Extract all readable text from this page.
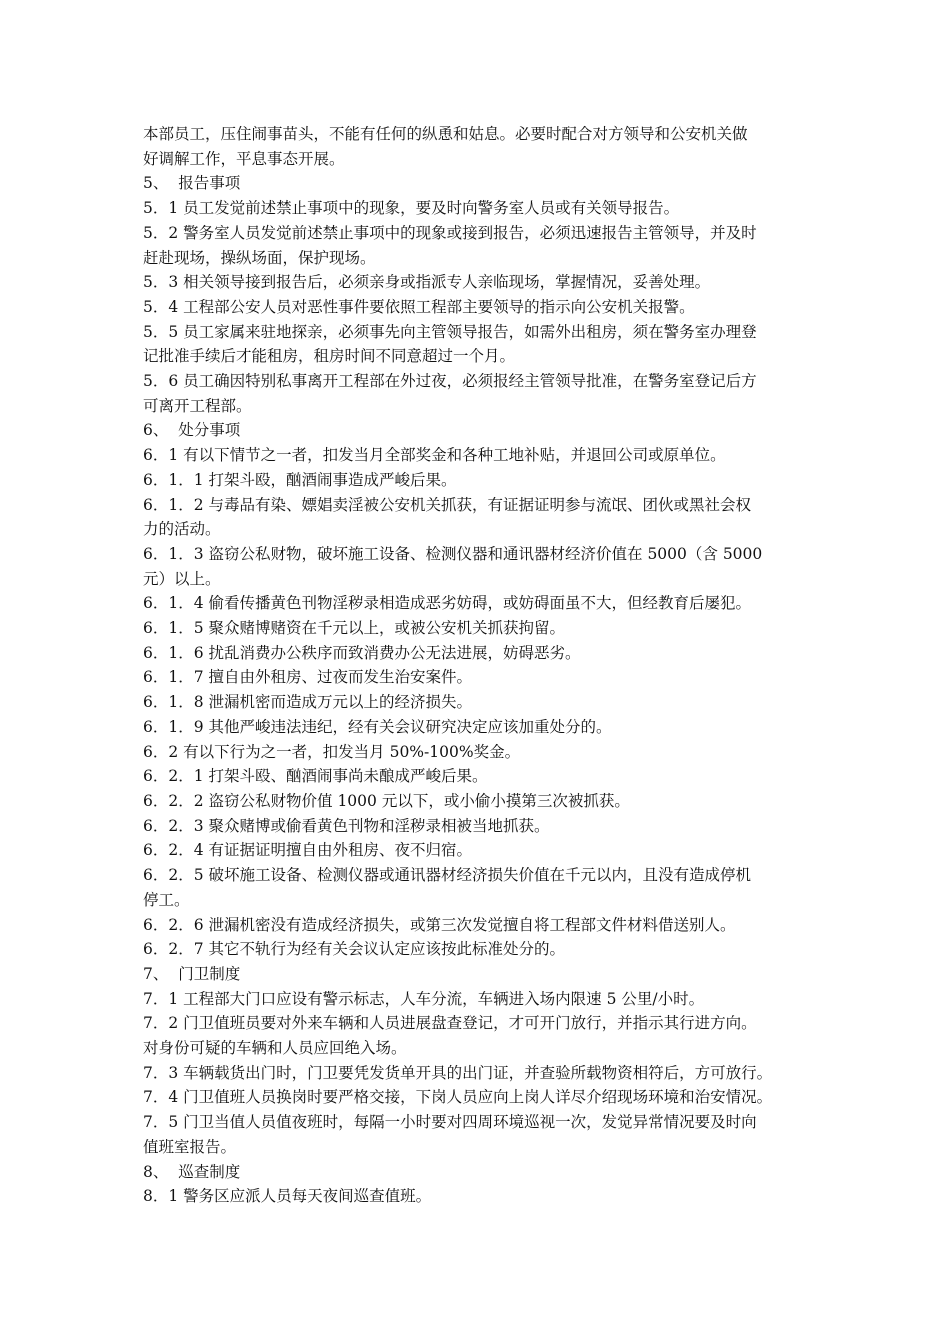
本部员工，压住闹事苗头，不能有任何的纵恿和姑息。必要时配合对方领导和公安机关做
好调解工作，平息事态开展。
5、  报告事项
5．1 员工发觉前述禁止事项中的现象，要及时向警务室人员或有关领导报告。
5．2 警务室人员发觉前述禁止事项中的现象或接到报告，必须迅速报告主管领导，并及时
赶赴现场，操纵场面，保护现场。
5．3 相关领导接到报告后，必须亲身或指派专人亲临现场，掌握情况，妥善处理。
5．4 工程部公安人员对恶性事件要依照工程部主要领导的指示向公安机关报警。
5．5 员工家属来驻地探亲，必须事先向主管领导报告，如需外出租房，须在警务室办理登
记批准手续后才能租房，租房时间不同意超过一个月。
5．6 员工确因特别私事离开工程部在外过夜，必须报经主管领导批准，在警务室登记后方
可离开工程部。
6、  处分事项
6．1 有以下情节之一者，扣发当月全部奖金和各种工地补贴，并退回公司或原单位。
6．1．1 打架斗殴，酗酒闹事造成严峻后果。
6．1．2 与毒品有染、嫖娼卖淫被公安机关抓获，有证据证明参与流氓、团伙或黑社会权
力的活动。
6．1．3 盗窃公私财物，破坏施工设备、检测仪器和通讯器材经济价值在 5000（含 5000
元）以上。
6．1．4 偷看传播黄色刊物淫秽录相造成恶劣妨碍，或妨碍面虽不大，但经教育后屡犯。
6．1．5 聚众赌博赌资在千元以上，或被公安机关抓获拘留。
6．1．6 扰乱消费办公秩序而致消费办公无法进展，妨碍恶劣。
6．1．7 擅自由外租房、过夜而发生治安案件。
6．1．8 泄漏机密而造成万元以上的经济损失。
6．1．9 其他严峻违法违纪，经有关会议研究决定应该加重处分的。
6．2 有以下行为之一者，扣发当月 50%-100%奖金。
6．2．1 打架斗殴、酗酒闹事尚未酿成严峻后果。
6．2．2 盗窃公私财物价值 1000 元以下，或小偷小摸第三次被抓获。
6．2．3 聚众赌博或偷看黄色刊物和淫秽录相被当地抓获。
6．2．4 有证据证明擅自由外租房、夜不归宿。
6．2．5 破坏施工设备、检测仪器或通讯器材经济损失价值在千元以内，且没有造成停机
停工。
6．2．6 泄漏机密没有造成经济损失，或第三次发觉擅自将工程部文件材料借送别人。
6．2．7 其它不轨行为经有关会议认定应该按此标准处分的。
7、  门卫制度
7．1 工程部大门口应设有警示标志，人车分流，车辆进入场内限速 5 公里/小时。
7．2 门卫值班员要对外来车辆和人员进展盘查登记，才可开门放行，并指示其行进方向。
对身份可疑的车辆和人员应回绝入场。
7．3 车辆载货出门时，门卫要凭发货单开具的出门证，并查验所载物资相符后，方可放行。
7．4 门卫值班人员换岗时要严格交接，下岗人员应向上岗人详尽介绍现场环境和治安情况。
7．5 门卫当值人员值夜班时，每隔一小时要对四周环境巡视一次，发觉异常情况要及时向
值班室报告。
8、  巡查制度
8．1 警务区应派人员每天夜间巡查值班。
